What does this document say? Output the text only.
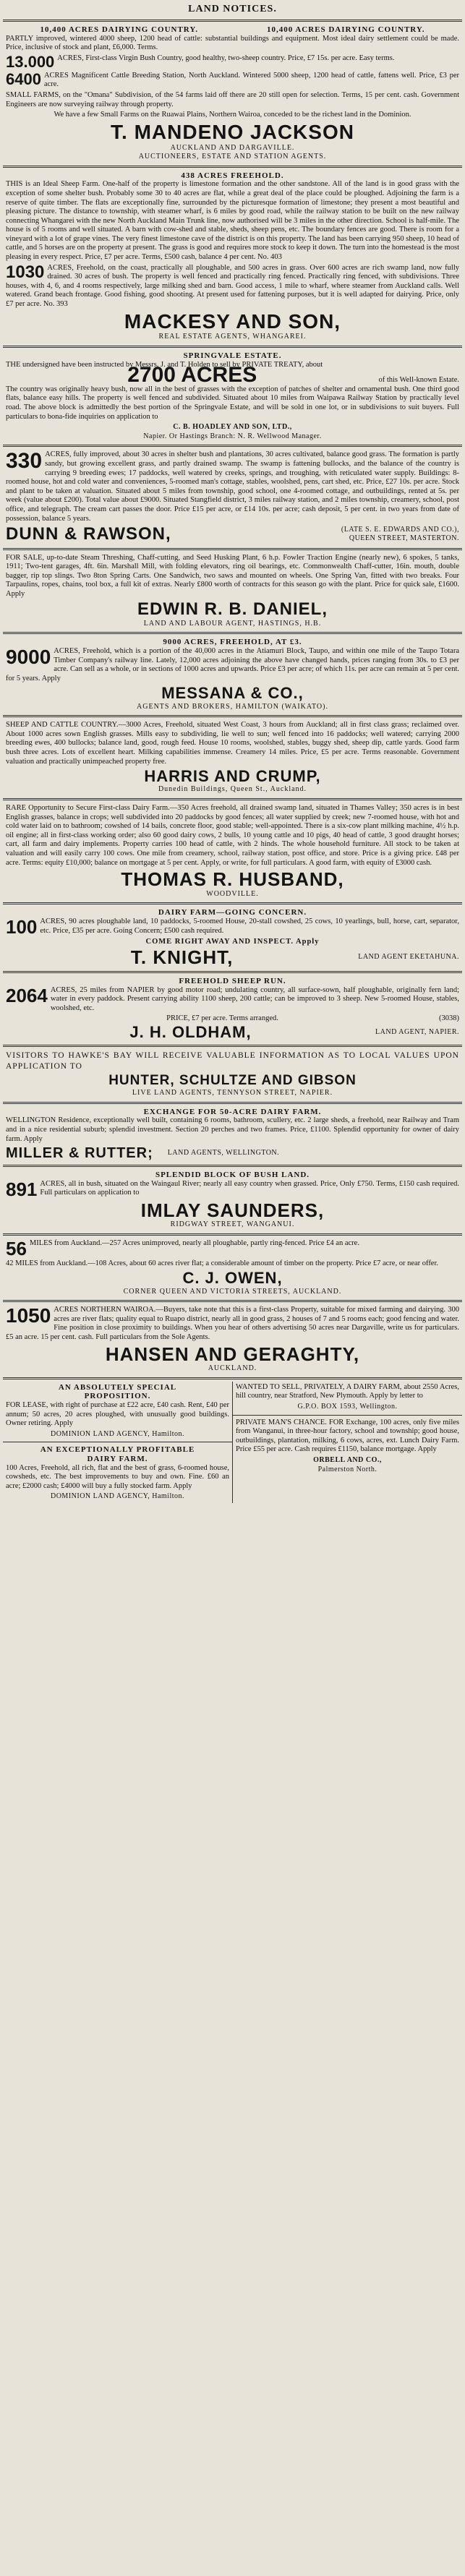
LAND NOTICES.
10,400 ACRES DAIRYING COUNTRY.	10,400 ACRES DAIRYING COUNTRY.

PARTLY improved, wintered 4000 sheep, 1200 head of cattle: substantial buildings and equipment. Most ideal dairy settlement could be made. Price, inclusive of stock and plant, £6,000. Terms.

13.000 ACRES, First-class Virgin Bush Country, good healthy, two-sheep country. Price, £7 15s. per acre. Easy terms.

6400 ACRES Magnificent Cattle Breeding Station, North Auckland. Wintered 5000 sheep, 1200 head of cattle, fattens well. Price, £3 per acre.

SMALL FARMS, on the "Omana" Subdivision, of the 54 farms laid off there are 20 still open for selection. Terms, 15 per cent. cash. Government Engineers are now surveying railway through property.

We have a few Small Farms on the Ruawai Plains, Northern Wairoa, conceded to be the richest land in the Dominion.

T. MANDENO JACKSON
AUCKLAND AND DARGAVILLE.
AUCTIONEERS, ESTATE AND STATION AGENTS.
438 ACRES FREEHOLD.

THIS is an Ideal Sheep Farm. One-half of the property is limestone formation and the other sandstone. All of the land is in good grass with the exception of some shelter bush. Probably some 30 to 40 acres are flat, while a great deal of the place could be ploughed. Adjoining the farm is a reserve of quite timber. The flats are exceptionally fine, surrounded by the picturesque formation of limestone; they present a most beautiful and pleasing picture. The distance to township, with steamer wharf, is 6 miles by good road, while the railway station to be built on the new railway connecting Whangarei with the new North Auckland Main Trunk line, now authorised will be 3 miles in the other direction. School is half-mile. The house is of 5 rooms and well situated. A barn with cow-shed and stable, sheds, sheep pens, etc. The boundary fences are good. There is room for a vineyard with a lot of grape vines. The very finest limestone cave of the district is on this property. The land has been carrying 950 sheep, 10 head of cattle, and 5 horses are on the property at present. The grass is good and requires more stock to keep it down. The turn into the homestead is the most pleasing in every respect. Price, £7 per acre. Terms, £500 cash, balance 4 per cent. No. 403

1030 ACRES, Freehold, on the coast, practically all ploughable, and 500 acres in grass. Over 600 acres are rich swamp land, now fully drained. 30 acres of bush. The property is well fenced and practically ring fenced. Practically ring fenced, with subdivisions. Three houses, with 4, 6, and 4 rooms respectively, large milking shed and barn. Good access, 1 mile to wharf, where steamer from Auckland calls. Well watered. Grand beach frontage. Good fishing, good shooting. At present used for fattening purposes, but it is well adapted for dairying. Price, only £7 per acre. No. 393

MACKESY AND SON,
REAL ESTATE AGENTS, WHANGAREI.
SPRINGVALE ESTATE.

THE undersigned have been instructed by Messrs. J. and T. Holden to sell by PRIVATE TREATY, about

2700 ACRES	of this Well-known Estate.

The country was originally heavy bush, now all in the best of grasses with the exception of patches of shelter and ornamental bush. One third good flats, balance easy hills. The property is well fenced and subdivided. Situated about 10 miles from Waipawa Railway Station by practically level road. The above block is admittedly the best portion of the Springvale Estate, and will be sold in one lot, or in subdivisions to suit buyers. Full particulars to bona-fide inquiries on application to

C. B. HOADLEY AND SON, LTD.,
Napier. Or Hastings Branch: N. R. Wellwood Manager.

330 ACRES, fully improved, about 30 acres in shelter bush and plantations, 30 acres cultivated, balance good grass. The formation is partly sandy, but growing excellent grass, and partly drained swamp. The swamp is fattening bullocks, and the balance of the country is carrying 9 breeding ewes; 17 paddocks, well watered by creeks, springs, and troughing, with reticulated water supply. Buildings: 8-roomed house, hot and cold water and conveniences, 5-roomed man's cottage, stables, woolshed, pens, cart shed, etc. Price, £27 10s. per acre. Stock and plant to be taken at valuation. Situated about 5 miles from township, good school, one 4-roomed cottage, and outbuildings, rented at 5s. per week (value about £200). Total value about £9000. Situated Stangfield district, 3 miles railway station, and 2 miles township, creamery, school, post office, and telegraph. The cream cart passes the door. Price £15 per acre, or £14 10s. per acre; cash deposit, 5 per cent. in two years from date of possession, balance 5 years.

DUNN & RAWSON,	(LATE S. E. EDWARDS AND CO.),
QUEEN STREET, MASTERTON.

FOR SALE, up-to-date Steam Threshing, Chaff-cutting, and Seed Husking Plant, 6 h.p. Fowler Traction Engine (nearly new), 6 spokes, 5 tanks, 1911; Two-tent garages, 4ft. 6in. Marshall Mill, with folding elevators, ring oil bearings, etc. Commonwealth Chaff-cutter, 16in. mouth, double bagger, rip top slings. Two 8ton Spring Carts. One Sandwich, two saws and mounted on wheels. One Spring Van, fitted with two breaks. Four Tarpaulins, ropes, chains, tool box, a full kit of extras. Nearly £800 worth of contracts for this season go with the plant. Price for quick sale, £1600. Apply

EDWIN R. B. DANIEL,
LAND AND LABOUR AGENT, HASTINGS, H.B.
9000 ACRES, FREEHOLD, AT £3.

9000 ACRES, Freehold, which is a portion of the 40,000 acres in the Atiamuri Block, Taupo, and within one mile of the Taupo Totara Timber Company's railway line. Lately, 12,000 acres adjoining the above have changed hands, prices ranging from 30s. to £3 per acre. Can sell as a whole, or in sections of 1000 acres and upwards. Price £3 per acre; of which 11s. per acre can remain at 5 per cent. for 5 years. Apply

MESSANA & CO.,
AGENTS AND BROKERS, HAMILTON (WAIKATO).

SHEEP AND CATTLE COUNTRY.—3000 Acres, Freehold, situated West Coast, 3 hours from Auckland; all in first class grass; reclaimed over. About 1000 acres sown English grasses. Mills easy to subdividing, lie well to sun; well fenced into 16 paddocks; well watered; carrying 2000 breeding ewes, 400 bullocks; balance land, good, rough feed. House 10 rooms, woolshed, stables, buggy shed, sheep dip, cattle yards. Good farm bush three acres. Lots of excellent heart. Milking capabilities immense. Creamery 14 miles. Price, £5 per acre. Terms reasonable. Government valuation and practically unimpeached property free.

HARRIS AND CRUMP,
Dunedin Buildings, Queen St., Auckland.

RARE Opportunity to Secure First-class Dairy Farm.—350 Acres freehold, all drained swamp land, situated in Thames Valley; 350 acres is in best English grasses, balance in crops; well subdivided into 20 paddocks by good fences; all water supplied by creek; new 7-roomed house, with hot and cold water laid on to bathroom; cowshed of 14 bails, concrete floor, good stable; well-appointed. There is a six-cow plant milking machine, 4½ h.p. oil engine; all in first-class working order; also 60 good dairy cows, 2 bulls, 10 young cattle and 10 pigs, 40 head of cattle, 3 good draught horses; cart, all farm and dairy implements. Property carries 100 head of cattle, with 2 hinds. The whole household furniture. All stock to be taken at valuation and will easily carry 100 cows. One mile from creamery, school, railway station, post office, and store. Price is a giving price. £48 per acre. Terms: equity £10,000; balance on mortgage at 5 per cent. Apply, or write, for full particulars. A good farm, with equity of £3000 cash.

THOMAS R. HUSBAND,
WOODVILLE.
DAIRY FARM—GOING CONCERN.

100 ACRES, 90 acres ploughable land, 10 paddocks, 5-roomed House, 20-stall cowshed, 25 cows, 10 yearlings, bull, horse, cart, separator, etc. Price, £35 per acre. Going Concern; £500 cash required.

COME RIGHT AWAY AND INSPECT. Apply
T. KNIGHT,	LAND AGENT EKETAHUNA.
FREEHOLD SHEEP RUN.

2064 ACRES, 25 miles from NAPIER by good motor road; undulating country, all surface-sown, half ploughable, originally fern land; water in every paddock. Present carrying ability 1100 sheep, 200 cattle; can be improved to 3 sheep. New 5-roomed House, stables, woolshed, etc.

PRICE, £7 per acre. Terms arranged.	(3038)
J. H. OLDHAM,	LAND AGENT, NAPIER.

VISITORS TO HAWKE'S BAY WILL RECEIVE VALUABLE INFORMATION AS TO LOCAL VALUES UPON APPLICATION TO

HUNTER, SCHULTZE AND GIBSON
LIVE LAND AGENTS, TENNYSON STREET, NAPIER.
EXCHANGE FOR 50-ACRE DAIRY FARM.

WELLINGTON Residence, exceptionally well built, containing 6 rooms, bathroom, scullery, etc. 2 large sheds, a freehold, near Railway and Tram and in a nice residential suburb; splendid investment. Section 20 perches and two frames. Price, £1100. Splendid opportunity for owner of dairy farm. Apply

MILLER & RUTTER; LAND AGENTS, WELLINGTON.
SPLENDID BLOCK OF BUSH LAND.

891 ACRES, all in bush, situated on the Waingaul River; nearly all easy country when grassed. Price, Only £750. Terms, £150 cash required. Full particulars on application to

IMLAY SAUNDERS,
RIDGWAY STREET, WANGANUI.

56 MILES from Auckland.—257 Acres unimproved, nearly all ploughable, partly ring-fenced. Price £4 an acre.

42 MILES from Auckland.—108 Acres, about 60 acres river flat; a considerable amount of timber on the property. Price £7 acre, or near offer.

C. J. OWEN,
CORNER QUEEN AND VICTORIA STREETS, AUCKLAND.

1050 ACRES NORTHERN WAIROA.—Buyers, take note that this is a first-class Property, suitable for mixed farming and dairying. 300 acres are river flats; quality equal to Ruapo district, nearly all in good grass, 2 houses of 7 and 5 rooms each; good fencing and water. Fine position in close proximity to buildings. When you hear of others advertising 50 acres near Dargaville, write us for particulars. £5 an acre. 15 per cent. cash. Full particulars from the Sole Agents.

HANSEN AND GERAGHTY,
AUCKLAND.
AN ABSOLUTELY SPECIAL
PROPOSITION.

FOR LEASE, with right of purchase at £22 acre, £40 cash. Rent, £40 per annum; 50 acres, 20 acres ploughed, with unusually good buildings. Owner retiring. Apply

DOMINION LAND AGENCY, Hamilton.
AN EXCEPTIONALLY PROFITABLE
DAIRY FARM.

100 Acres, Freehold, all rich, flat and the best of grass, 6-roomed house, cowsheds, etc. The best improvements to buy and own. Fine. £60 an acre; £2000 cash; £4000 will buy a fully stocked farm. Apply

DOMINION LAND AGENCY, Hamilton.

WANTED TO SELL, PRIVATELY, A DAIRY FARM, about 2550 Acres, hill country, near Stratford, New Plymouth. Apply by letter to

G.P.O. BOX 1593, Wellington.

PRIVATE MAN'S CHANCE. FOR Exchange, 100 acres, only five miles from Wanganui, in three-hour factory, school and township; good house, outbuildings, plantation, milking, 6 cows, acres, ext. Lunch Dairy Farm. Price £55 per acre. Cash requires £1150, balance mortgage. Apply

ORBELL AND CO.,
Palmerston North.
